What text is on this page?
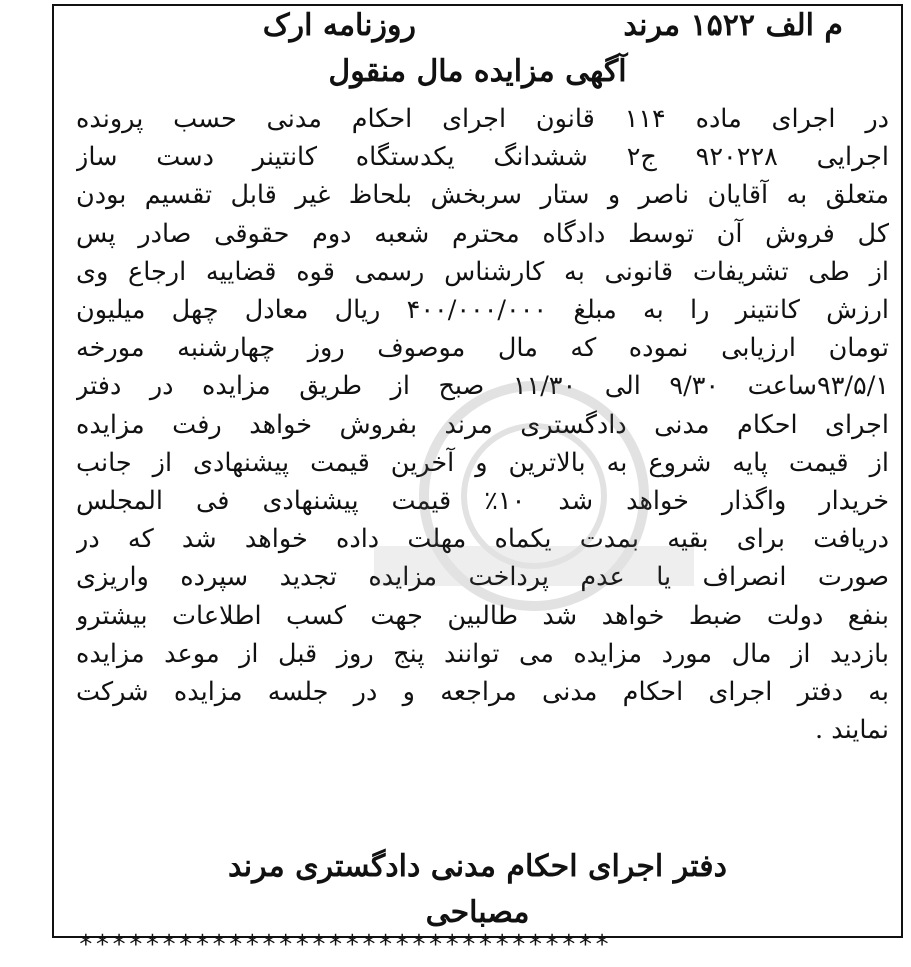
روزنامه ارک	م الف ۱۵۲۲ مرند
آگهی مزایده مال منقول
در اجرای ماده ۱۱۴ قانون اجرای احکام مدنی حسب پرونده
اجرایی ۹۲۰۲۲۸ ج۲ ششدانگ یکدستگاه کانتینر دست ساز
متعلق به آقایان ناصر و ستار سربخش بلحاظ غیر قابل تقسیم بودن
کل فروش آن توسط دادگاه محترم شعبه دوم حقوقی صادر پس
از طی تشریفات قانونی به کارشناس رسمی قوه قضاییه ارجاع وی
ارزش کانتینر را به مبلغ ۴۰۰/۰۰۰/۰۰۰ ریال معادل چهل میلیون
تومان ارزیابی نموده که مال موصوف روز چهارشنبه مورخه
۹۳/۵/۱ساعت ۹/۳۰ الی ۱۱/۳۰ صبح از طریق مزایده در دفتر
اجرای احکام مدنی دادگستری مرند بفروش خواهد رفت مزایده
از قیمت پایه شروع به بالاترین و آخرین قیمت پیشنهادی از جانب
خریدار واگذار خواهد شد ۱۰٪ قیمت پیشنهادی فی المجلس
دریافت برای بقیه بمدت یکماه مهلت داده خواهد شد که در
صورت انصراف یا عدم پرداخت مزایده تجدید سپرده واریزی
بنفع دولت ضبط خواهد شد طالبین جهت کسب اطلاعات بیشترو
بازدید از مال مورد مزایده می توانند پنج روز قبل از موعد مزایده
به دفتر اجرای احکام مدنی مراجعه و در جلسه مزایده شرکت
نمایند .
دفتر اجرای احکام مدنی دادگستری مرند
مصباحی
********************************
